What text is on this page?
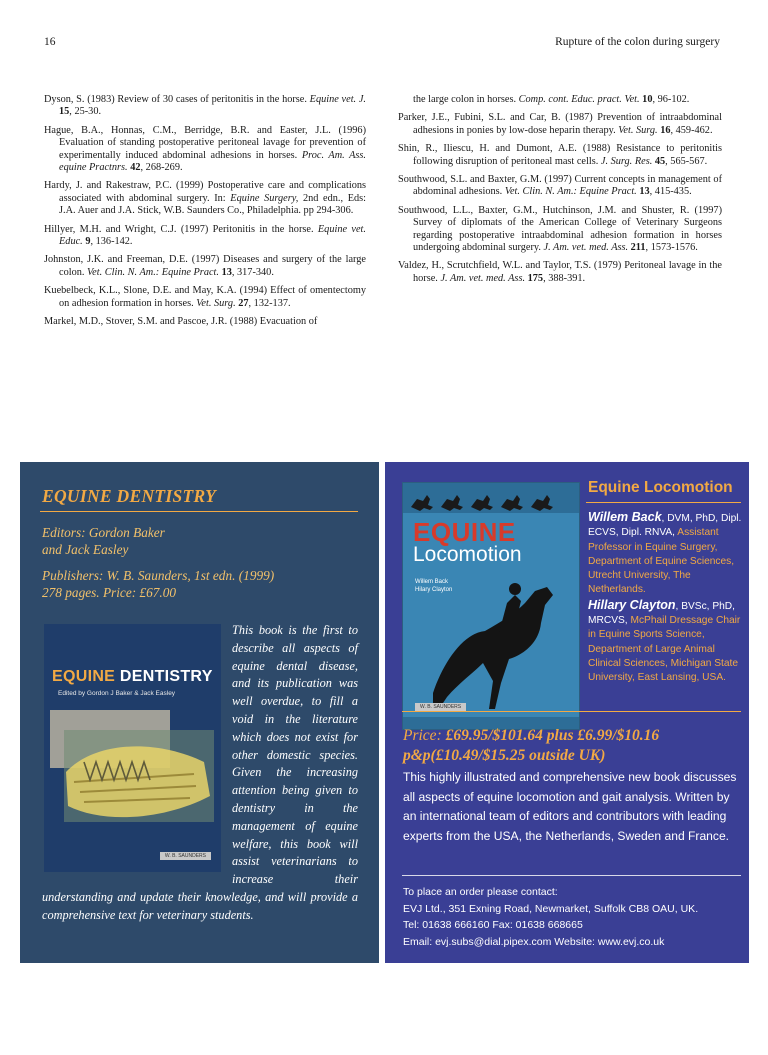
16	Rupture of the colon during surgery

Dyson, S. (1983) Review of 30 cases of peritonitis in the horse. Equine vet. J. 15, 25-30.

Hague, B.A., Honnas, C.M., Berridge, B.R. and Easter, J.L. (1996) Evaluation of standing postoperative peritoneal lavage for prevention of experimentally induced abdominal adhesions in horses. Proc. Am. Ass. equine Practnrs. 42, 268-269.

Hardy, J. and Rakestraw, P.C. (1999) Postoperative care and complications associated with abdominal surgery. In: Equine Surgery, 2nd edn., Eds: J.A. Auer and J.A. Stick, W.B. Saunders Co., Philadelphia. pp 294-306.

Hillyer, M.H. and Wright, C.J. (1997) Peritonitis in the horse. Equine vet. Educ. 9, 136-142.

Johnston, J.K. and Freeman, D.E. (1997) Diseases and surgery of the large colon. Vet. Clin. N. Am.: Equine Pract. 13, 317-340.

Kuebelbeck, K.L., Slone, D.E. and May, K.A. (1994) Effect of omentectomy on adhesion formation in horses. Vet. Surg. 27, 132-137.

Markel, M.D., Stover, S.M. and Pascoe, J.R. (1988) Evacuation of

the large colon in horses. Comp. cont. Educ. pract. Vet. 10, 96-102.

Parker, J.E., Fubini, S.L. and Car, B. (1987) Prevention of intraabdominal adhesions in ponies by low-dose heparin therapy. Vet. Surg. 16, 459-462.

Shin, R., Iliescu, H. and Dumont, A.E. (1988) Resistance to peritonitis following disruption of peritoneal mast cells. J. Surg. Res. 45, 565-567.

Southwood, S.L. and Baxter, G.M. (1997) Current concepts in management of abdominal adhesions. Vet. Clin. N. Am.: Equine Pract. 13, 415-435.

Southwood, L.L., Baxter, G.M., Hutchinson, J.M. and Shuster, R. (1997) Survey of diplomats of the American College of Veterinary Surgeons regarding postoperative intraabdominal adhesion formation in horses undergoing abdominal surgery. J. Am. vet. med. Ass. 211, 1573-1576.

Valdez, H., Scrutchfield, W.L. and Taylor, T.S. (1979) Peritoneal lavage in the horse. J. Am. vet. med. Ass. 175, 388-391.

EQUINE DENTISTRY
Editors: Gordon Baker
and Jack Easley
Publishers: W. B. Saunders, 1st edn. (1999)
278 pages. Price: £67.00
EQUINE DENTISTRY
Edited by Gordon J Baker & Jack Easley
W. B. SAUNDERS
This book is the first to describe all aspects of equine dental disease, and its publication was well overdue, to fill a void in the literature which does not exist for other domestic species. Given the increasing attention being given to dentistry in the management of equine welfare, this book will assist veterinarians to increase their understanding and update their knowledge, and will provide a comprehensive text for veterinary students.
EQUINE
Locomotion
Willem Back
Hilary Clayton
W. B. SAUNDERS
Equine Locomotion
Willem Back, DVM, PhD, Dipl. ECVS, Dipl. RNVA, Assistant Professor in Equine Surgery, Department of Equine Sciences, Utrecht University, The Netherlands.
Hillary Clayton, BVSc, PhD, MRCVS, McPhail Dressage Chair in Equine Sports Science, Department of Large Animal Clinical Sciences, Michigan State University, East Lansing, USA.
Price: £69.95/$101.64 plus £6.99/$10.16 p&p(£10.49/$15.25 outside UK)
This highly illustrated and comprehensive new book discusses all aspects of equine locomotion and gait analysis. Written by an international team of editors and contributors with leading experts from the USA, the Netherlands, Sweden and France.
To place an order please contact:
EVJ Ltd., 351 Exning Road, Newmarket, Suffolk CB8 OAU, UK.
Tel: 01638 666160 Fax: 01638 668665
Email: evj.subs@dial.pipex.com Website: www.evj.co.uk
